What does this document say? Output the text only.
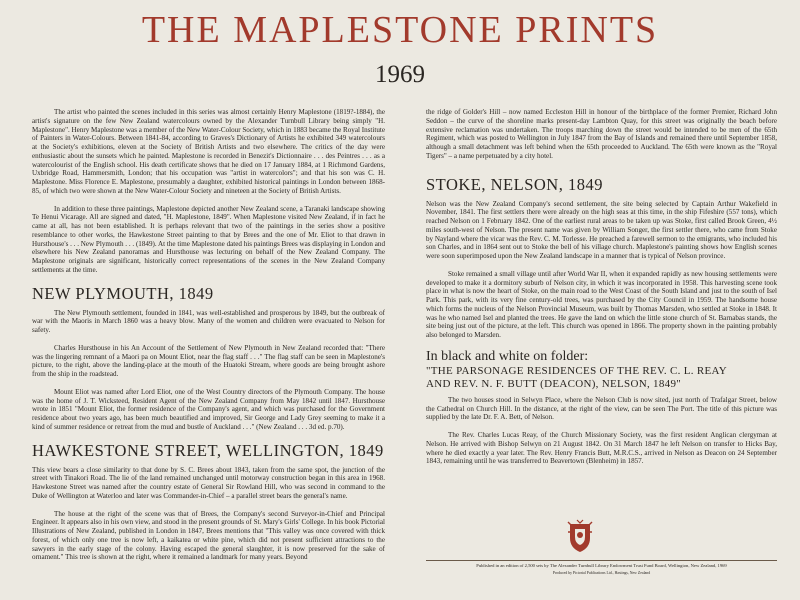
THE MAPLESTONE PRINTS
1969

The artist who painted the scenes included in this series was almost certainly Henry Maplestone (1819?-1884), the artist's signature on the few New Zealand watercolours owned by the Alexander Turnbull Library being simply "H. Maplestone". Henry Maplestone was a member of the New Water-Colour Society, which in 1883 became the Royal Institute of Painters in Water-Colours. Between 1841-84, according to Graves's Dictionary of Artists he exhibited 349 watercolours at the Society's exhibitions, eleven at the Society of British Artists and two elsewhere. The critics of the day were enthusiastic about the sunsets which he painted. Maplestone is recorded in Benezit's Dictionnaire . . . des Peintres . . . as a watercolourist of the English school. His death certificate shows that he died on 17 January 1884, at 1 Richmond Gardens, Uxbridge Road, Hammersmith, London; that his occupation was "artist in watercolors"; and that his son was C. H. Maplestone. Miss Florence E. Maplestone, presumably a daughter, exhibited historical paintings in London between 1868-85, of which two were shown at the New Water-Colour Society and nineteen at the Society of British Artists.

In addition to these three paintings, Maplestone depicted another New Zealand scene, a Taranaki landscape showing Te Henui Vicarage. All are signed and dated, "H. Maplestone, 1849". When Maplestone visited New Zealand, if in fact he came at all, has not been established. It is perhaps relevant that two of the paintings in the series show a positive resemblance to other works, the Hawkestone Street painting to that by Brees and the one of Mr. Eliot to that drawn in Hursthouse's . . . New Plymouth . . . (1849). At the time Maplestone dated his paintings Brees was displaying in London and elsewhere his New Zealand panoramas and Hursthouse was lecturing on behalf of the New Zealand Company. The Maplestone originals are significant, historically correct representations of the scenes in the New Zealand Company settlements at the time.

NEW PLYMOUTH, 1849

The New Plymouth settlement, founded in 1841, was well-established and prosperous by 1849, but the outbreak of war with the Maoris in March 1860 was a heavy blow. Many of the women and children were evacuated to Nelson for safety.

Charles Hursthouse in his An Account of the Settlement of New Plymouth in New Zealand recorded that: "There was the lingering remnant of a Maori pa on Mount Eliot, near the flag staff . . ." The flag staff can be seen in Maplestone's picture, to the right, above the landing-place at the mouth of the Huatoki Stream, where goods are being brought ashore from the ship in the roadstead.

Mount Eliot was named after Lord Eliot, one of the West Country directors of the Plymouth Company. The house was the home of J. T. Wicksteed, Resident Agent of the New Zealand Company from May 1842 until 1847. Hursthouse wrote in 1851 "Mount Eliot, the former residence of the Company's agent, and which was purchased for the Government residence about two years ago, has been much beautified and improved, Sir George and Lady Grey seeming to make it a kind of summer residence or retreat from the mud and bustle of Auckland . . ." (New Zealand . . . 3d ed. p.70).

HAWKESTONE STREET, WELLINGTON, 1849

This view bears a close similarity to that done by S. C. Brees about 1843, taken from the same spot, the junction of the street with Tinakori Road. The lie of the land remained unchanged until motorway construction began in this area in 1968. Hawkestone Street was named after the country estate of General Sir Rowland Hill, who was second in command to the Duke of Wellington at Waterloo and later was Commander-in-Chief – a parallel street bears the general's name.

The house at the right of the scene was that of Brees, the Company's second Surveyor-in-Chief and Principal Engineer. It appears also in his own view, and stood in the present grounds of St. Mary's Girls' College. In his book Pictorial Illustrations of New Zealand, published in London in 1847, Brees mentions that "This valley was once covered with thick forest, of which only one tree is now left, a kaikatea or white pine, which did not present sufficient attractions to the sawyers in the early stage of the colony. Having escaped the general slaughter, it is now preserved for the sake of ornament." This tree is shown at the right, where it remained a landmark for many years. Beyond

the ridge of Golder's Hill – now named Eccleston Hill in honour of the birthplace of the former Premier, Richard John Seddon – the curve of the shoreline marks present-day Lambton Quay, for this street was originally the beach before extensive reclamation was undertaken. The troops marching down the street would be intended to be men of the 65th Regiment, which was posted to Wellington in July 1847 from the Bay of Islands and remained there until September 1858, although a small detachment was left behind when the 65th proceeded to Auckland. The 65th were known as the "Royal Tigers" – a name perpetuated by a city hotel.

STOKE, NELSON, 1849

Nelson was the New Zealand Company's second settlement, the site being selected by Captain Arthur Wakefield in November, 1841. The first settlers there were already on the high seas at this time, in the ship Fifeshire (557 tons), which reached Nelson on 1 February 1842. One of the earliest rural areas to be taken up was Stoke, first called Brook Green, 4½ miles south-west of Nelson. The present name was given by William Songer, the first settler there, who came from Stoke by Nayland where the vicar was the Rev. C. M. Torlesse. He preached a farewell sermon to the emigrants, who included his son Charles, and in 1864 sent out to Stoke the bell of his village church. Maplestone's painting shows how English scenes were soon superimposed upon the New Zealand landscape in a manner that is typical of Nelson province.

Stoke remained a small village until after World War II, when it expanded rapidly as new housing settlements were developed to make it a dormitory suburb of Nelson city, in which it was incorporated in 1958. This harvesting scene took place in what is now the heart of Stoke, on the main road to the West Coast of the South Island and just to the south of Isel Park. This park, with its very fine century-old trees, was purchased by the City Council in 1959. The handsome house which forms the nucleus of the Nelson Provincial Museum, was built by Thomas Marsden, who settled at Stoke in 1848. It was he who named Isel and planted the trees. He gave the land on which the little stone church of St. Barnabas stands, the site being just out of the picture, at the left. This church was opened in 1866. The property shown in the painting probably also belonged to Marsden.

In black and white on folder:
"THE PARSONAGE RESIDENCES OF THE REV. C. L. REAY
AND REV. N. F. BUTT (DEACON), NELSON, 1849"

The two houses stood in Selwyn Place, where the Nelson Club is now sited, just north of Trafalgar Street, below the Cathedral on Church Hill. In the distance, at the right of the view, can be seen The Port. The title of this picture was supplied by the late Dr. F. A. Bett, of Nelson.

The Rev. Charles Lucas Reay, of the Church Missionary Society, was the first resident Anglican clergyman at Nelson. He arrived with Bishop Selwyn on 21 August 1842. On 31 March 1847 he left Nelson on transfer to Hicks Bay, where he died exactly a year later. The Rev. Henry Francis Butt, M.R.C.S., arrived in Nelson as Deacon on 24 September 1843, remaining until he was transferred to Beavertown (Blenheim) in 1857.

Published in an edition of 2,500 sets by The Alexander Turnbull Library Endowment Trust Fund Board, Wellington, New Zealand, 1969
Produced by Pictorial Publications Ltd., Hastings, New Zealand
